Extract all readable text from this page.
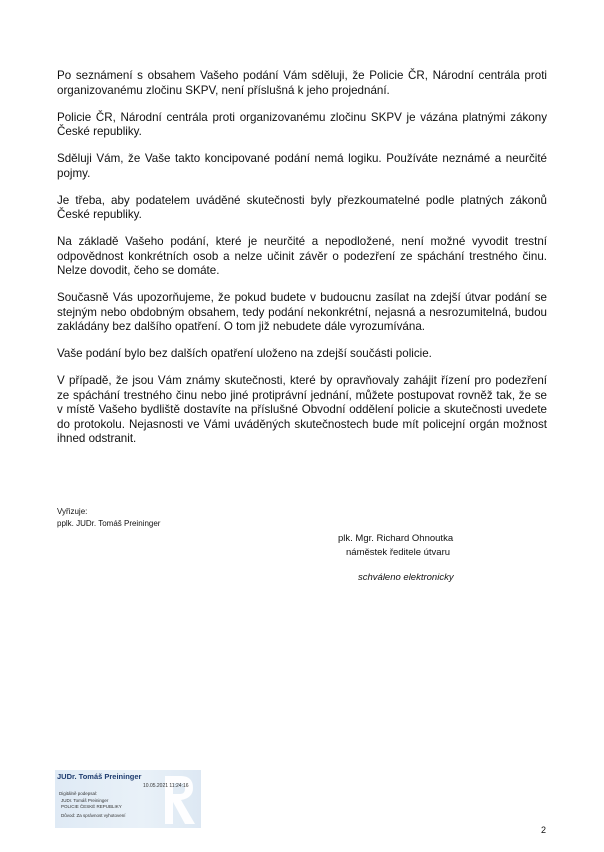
Po seznámení s obsahem Vašeho podání Vám sděluji, že Policie ČR, Národní centrála proti organizovanému zločinu SKPV, není příslušná k jeho projednání.

Policie ČR, Národní centrála proti organizovanému zločinu SKPV je vázána platnými zákony České republiky.

Sděluji Vám, že Vaše takto koncipované podání nemá logiku. Používáte neznámé a neurčité pojmy.

Je třeba, aby podatelem uváděné skutečnosti byly přezkoumatelné podle platných zákonů České republiky.

Na základě Vašeho podání, které je neurčité a nepodložené, není možné vyvodit trestní odpovědnost konkrétních osob a nelze učinit závěr o podezření ze spáchání trestného činu. Nelze dovodit, čeho se domáte.

Současně Vás upozorňujeme, že pokud budete v budoucnu zasílat na zdejší útvar podání se stejným nebo obdobným obsahem, tedy podání nekonkrétní, nejasná a nesrozumitelná, budou zakládány bez dalšího opatření. O tom již nebudete dále vyrozumívána.

Vaše podání bylo bez dalších opatření uloženo na zdejší součásti policie.

V případě, že jsou Vám známy skutečnosti, které by opravňovaly zahájit řízení pro podezření ze spáchání trestného činu nebo jiné protiprávní jednání, můžete postupovat rovněž tak, že se v místě Vašeho bydliště dostavíte na příslušné Obvodní oddělení policie a skutečnosti uvedete do protokolu. Nejasnosti ve Vámi uváděných skutečnostech bude mít policejní orgán možnost ihned odstranit.

Vyřizuje:
pplk. JUDr. Tomáš Preininger
plk. Mgr. Richard Ohnoutka
náměstek ředitele útvaru
schváleno elektronicky
JUDr. Tomáš Preininger
10.05.2021 11:24:16
Digitálně podepsal:
JUDr. Tomáš Preininger
POLICIE ČESKÉ REPUBLIKY
Důvod: Za správnost vyhotovení
2
